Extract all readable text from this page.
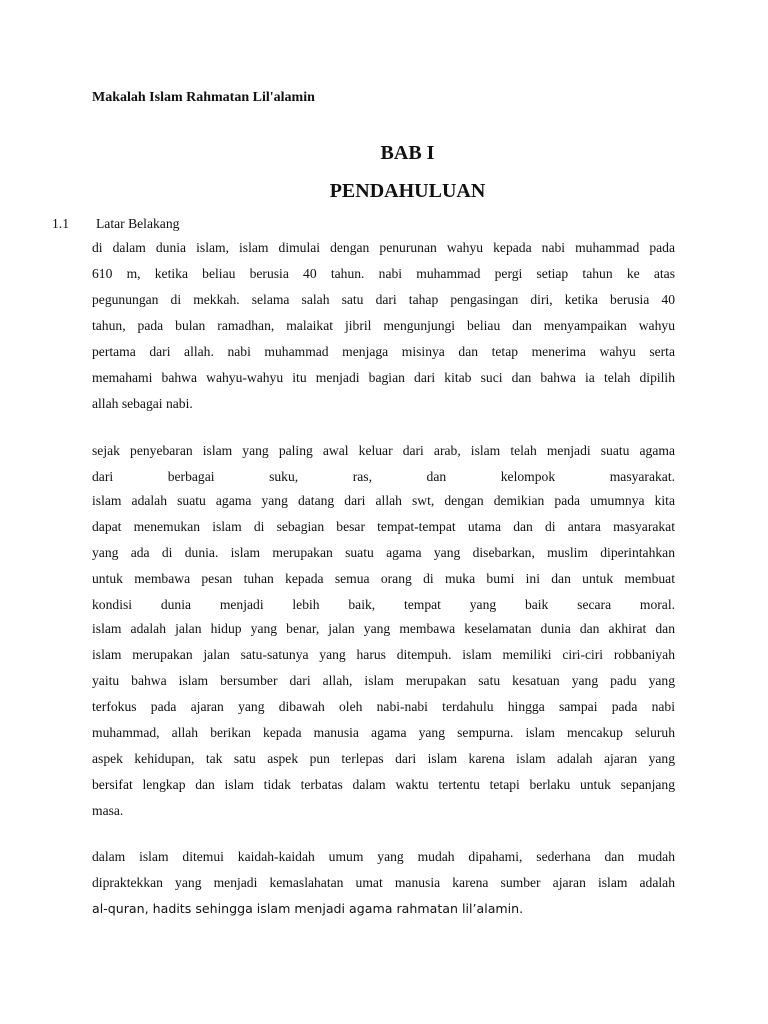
Makalah Islam Rahmatan Lil'alamin
BAB I
PENDAHULUAN
1.1 Latar Belakang
di dalam dunia islam, islam dimulai dengan penurunan wahyu kepada nabi muhammad pada
610 m, ketika beliau berusia 40 tahun. nabi muhammad pergi setiap tahun ke atas
pegunungan di mekkah. selama salah satu dari tahap pengasingan diri, ketika berusia 40
tahun, pada bulan ramadhan, malaikat jibril mengunjungi beliau dan menyampaikan wahyu
pertama dari allah. nabi muhammad menjaga misinya dan tetap menerima wahyu serta
memahami bahwa wahyu-wahyu itu menjadi bagian dari kitab suci dan bahwa ia telah dipilih
allah sebagai nabi.
sejak penyebaran islam yang paling awal keluar dari arab, islam telah menjadi suatu agama
dari berbagai suku, ras, dan kelompok masyarakat.
islam adalah suatu agama yang datang dari allah swt, dengan demikian pada umumnya kita
dapat menemukan islam di sebagian besar tempat-tempat utama dan di antara masyarakat
yang ada di dunia. islam merupakan suatu agama yang disebarkan, muslim diperintahkan
untuk membawa pesan tuhan kepada semua orang di muka bumi ini dan untuk membuat
kondisi dunia menjadi lebih baik, tempat yang baik secara moral.
islam adalah jalan hidup yang benar, jalan yang membawa keselamatan dunia dan akhirat dan
islam merupakan jalan satu-satunya yang harus ditempuh. islam memiliki ciri-ciri robbaniyah
yaitu bahwa islam bersumber dari allah, islam merupakan satu kesatuan yang padu yang
terfokus pada ajaran yang dibawah oleh nabi-nabi terdahulu hingga sampai pada nabi
muhammad, allah berikan kepada manusia agama yang sempurna. islam mencakup seluruh
aspek kehidupan, tak satu aspek pun terlepas dari islam karena islam adalah ajaran yang
bersifat lengkap dan islam tidak terbatas dalam waktu tertentu tetapi berlaku untuk sepanjang
masa.
dalam islam ditemui kaidah-kaidah umum yang mudah dipahami, sederhana dan mudah
dipraktekkan yang menjadi kemaslahatan umat manusia karena sumber ajaran islam adalah
al-quran, hadits sehingga islam menjadi agama rahmatan lil’alamin.
